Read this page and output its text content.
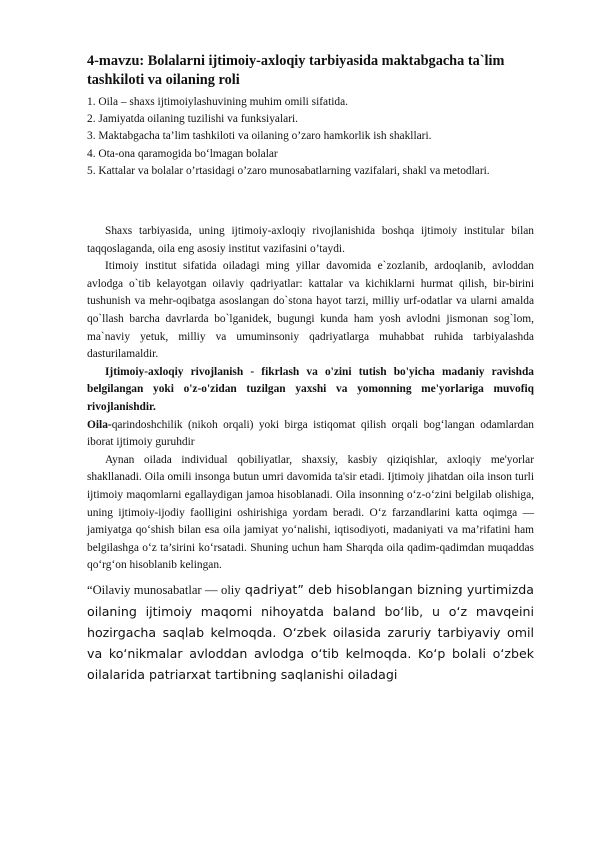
4-mavzu: Bolalarni ijtimoiy-axloqiy tarbiyasida maktabgacha ta`lim tashkiloti va oilaning roli
1. Oila – shaxs ijtimoiylashuvining muhim omili sifatida.
2. Jamiyatda oilaning tuzilishi va funksiyalari.
3. Maktabgacha ta’lim tashkiloti va oilaning o’zaro hamkorlik ish shakllari.
4. Ota-ona qaramogida bo‘lmagan bolalar
5. Kattalar va bolalar o’rtasidagi o’zaro munosabatlarning vazifalari, shakl va metodlari.

Shaxs tarbiyasida, uning ijtimoiy-axloqiy rivojlanishida boshqa ijtimoiy institular bilan taqqoslaganda, oila eng asosiy institut vazifasini o’taydi.

Itimoiy institut sifatida oiladagi ming yillar davomida e`zozlanib, ardoqlanib, avloddan avlodga o`tib kelayotgan oilaviy qadriyatlar: kattalar va kichiklarni hurmat qilish, bir-birini tushunish va mehr-oqibatga asoslangan do`stona hayot tarzi, milliy urf-odatlar va ularni amalda qo`llash barcha davrlarda bo`lganidek, bugungi kunda ham yosh avlodni jismonan sog`lom, ma`naviy yetuk, milliy va umuminsoniy qadriyatlarga muhabbat ruhida tarbiyalashda dasturilamaldir.

Ijtimoiy-axloqiy rivojlanish - fikrlash va o'zini tutish bo'yicha madaniy ravishda belgilangan yoki o'z-o'zidan tuzilgan yaxshi va yomonning me'yorlariga muvofiq rivojlanishdir.

Oila-qarindoshchilik (nikoh orqali) yoki birga istiqomat qilish orqali bog‘langan odamlardan iborat ijtimoiy guruhdir

Aynan oilada individual qobiliyatlar, shaxsiy, kasbiy qiziqishlar, axloqiy me'yorlar shakllanadi. Oila omili insonga butun umri davomida ta'sir etadi. Ijtimoiy jihatdan oila inson turli ijtimoiy maqomlarni egallaydigan jamoa hisoblanadi. Oila insonning o‘z-o‘zini belgilab olishiga, uning ijtimoiy-ijodiy faolligini oshirishiga yordam beradi. O‘z farzandlarini katta oqimga — jamiyatga qo‘shish bilan esa oila jamiyat yo‘nalishi, iqtisodiyoti, madaniyati va ma’rifatini ham belgilashga o‘z ta’sirini ko‘rsatadi. Shuning uchun ham Sharqda oila qadim-qadimdan muqaddas qo‘rg‘on hisoblanib kelingan.

“Oilaviy munosabatlar — oliy qadriyat” deb hisoblangan bizning yurtimizda oilaning ijtimoiy maqomi nihoyatda baland bo‘lib, u o‘z mavqeini hozirgacha saqlab kelmoqda. O‘zbek oilasida zaruriy tarbiyaviy omil va ko‘nikmalar avloddan avlodga o‘tib kelmoqda. Ko‘p bolali o‘zbek oilalarida patriarxat tartibning saqlanishi oiladagi
